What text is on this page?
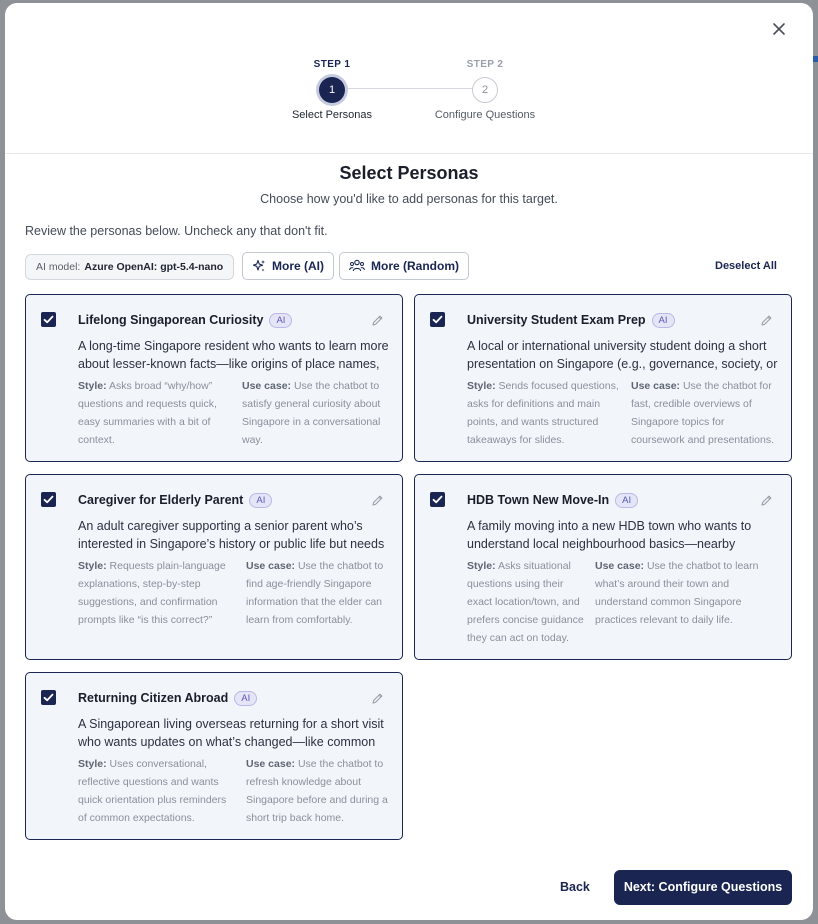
STEP 1
1
Select Personas
STEP 2
2
Configure Questions
Select Personas
Choose how you'd like to add personas for this target.
Review the personas below. Uncheck any that don't fit.
AI model: Azure OpenAI: gpt-5.4-nano	More (AI)	More (Random)	Deselect All
Lifelong Singaporean Curiosity AI
A long-time Singapore resident who wants to learn more about lesser-known facts—like origins of place names,
Style: Asks broad “why/how” questions and requests quick, easy summaries with a bit of context.
Use case: Use the chatbot to satisfy general curiosity about Singapore in a conversational way.
University Student Exam Prep AI
A local or international university student doing a short presentation on Singapore (e.g., governance, society, or
Style: Sends focused questions, asks for definitions and main points, and wants structured takeaways for slides.
Use case: Use the chatbot for fast, credible overviews of Singapore topics for coursework and presentations.
Caregiver for Elderly Parent AI
An adult caregiver supporting a senior parent who’s interested in Singapore’s history or public life but needs
Style: Requests plain-language explanations, step-by-step suggestions, and confirmation prompts like “is this correct?”
Use case: Use the chatbot to find age-friendly Singapore information that the elder can learn from comfortably.
HDB Town New Move-In AI
A family moving into a new HDB town who wants to understand local neighbourhood basics—nearby
Style: Asks situational questions using their exact location/town, and prefers concise guidance they can act on today.
Use case: Use the chatbot to learn what’s around their town and understand common Singapore practices relevant to daily life.
Returning Citizen Abroad AI
A Singaporean living overseas returning for a short visit who wants updates on what’s changed—like common
Style: Uses conversational, reflective questions and wants quick orientation plus reminders of common expectations.
Use case: Use the chatbot to refresh knowledge about Singapore before and during a short trip back home.
Back	Next: Configure Questions
